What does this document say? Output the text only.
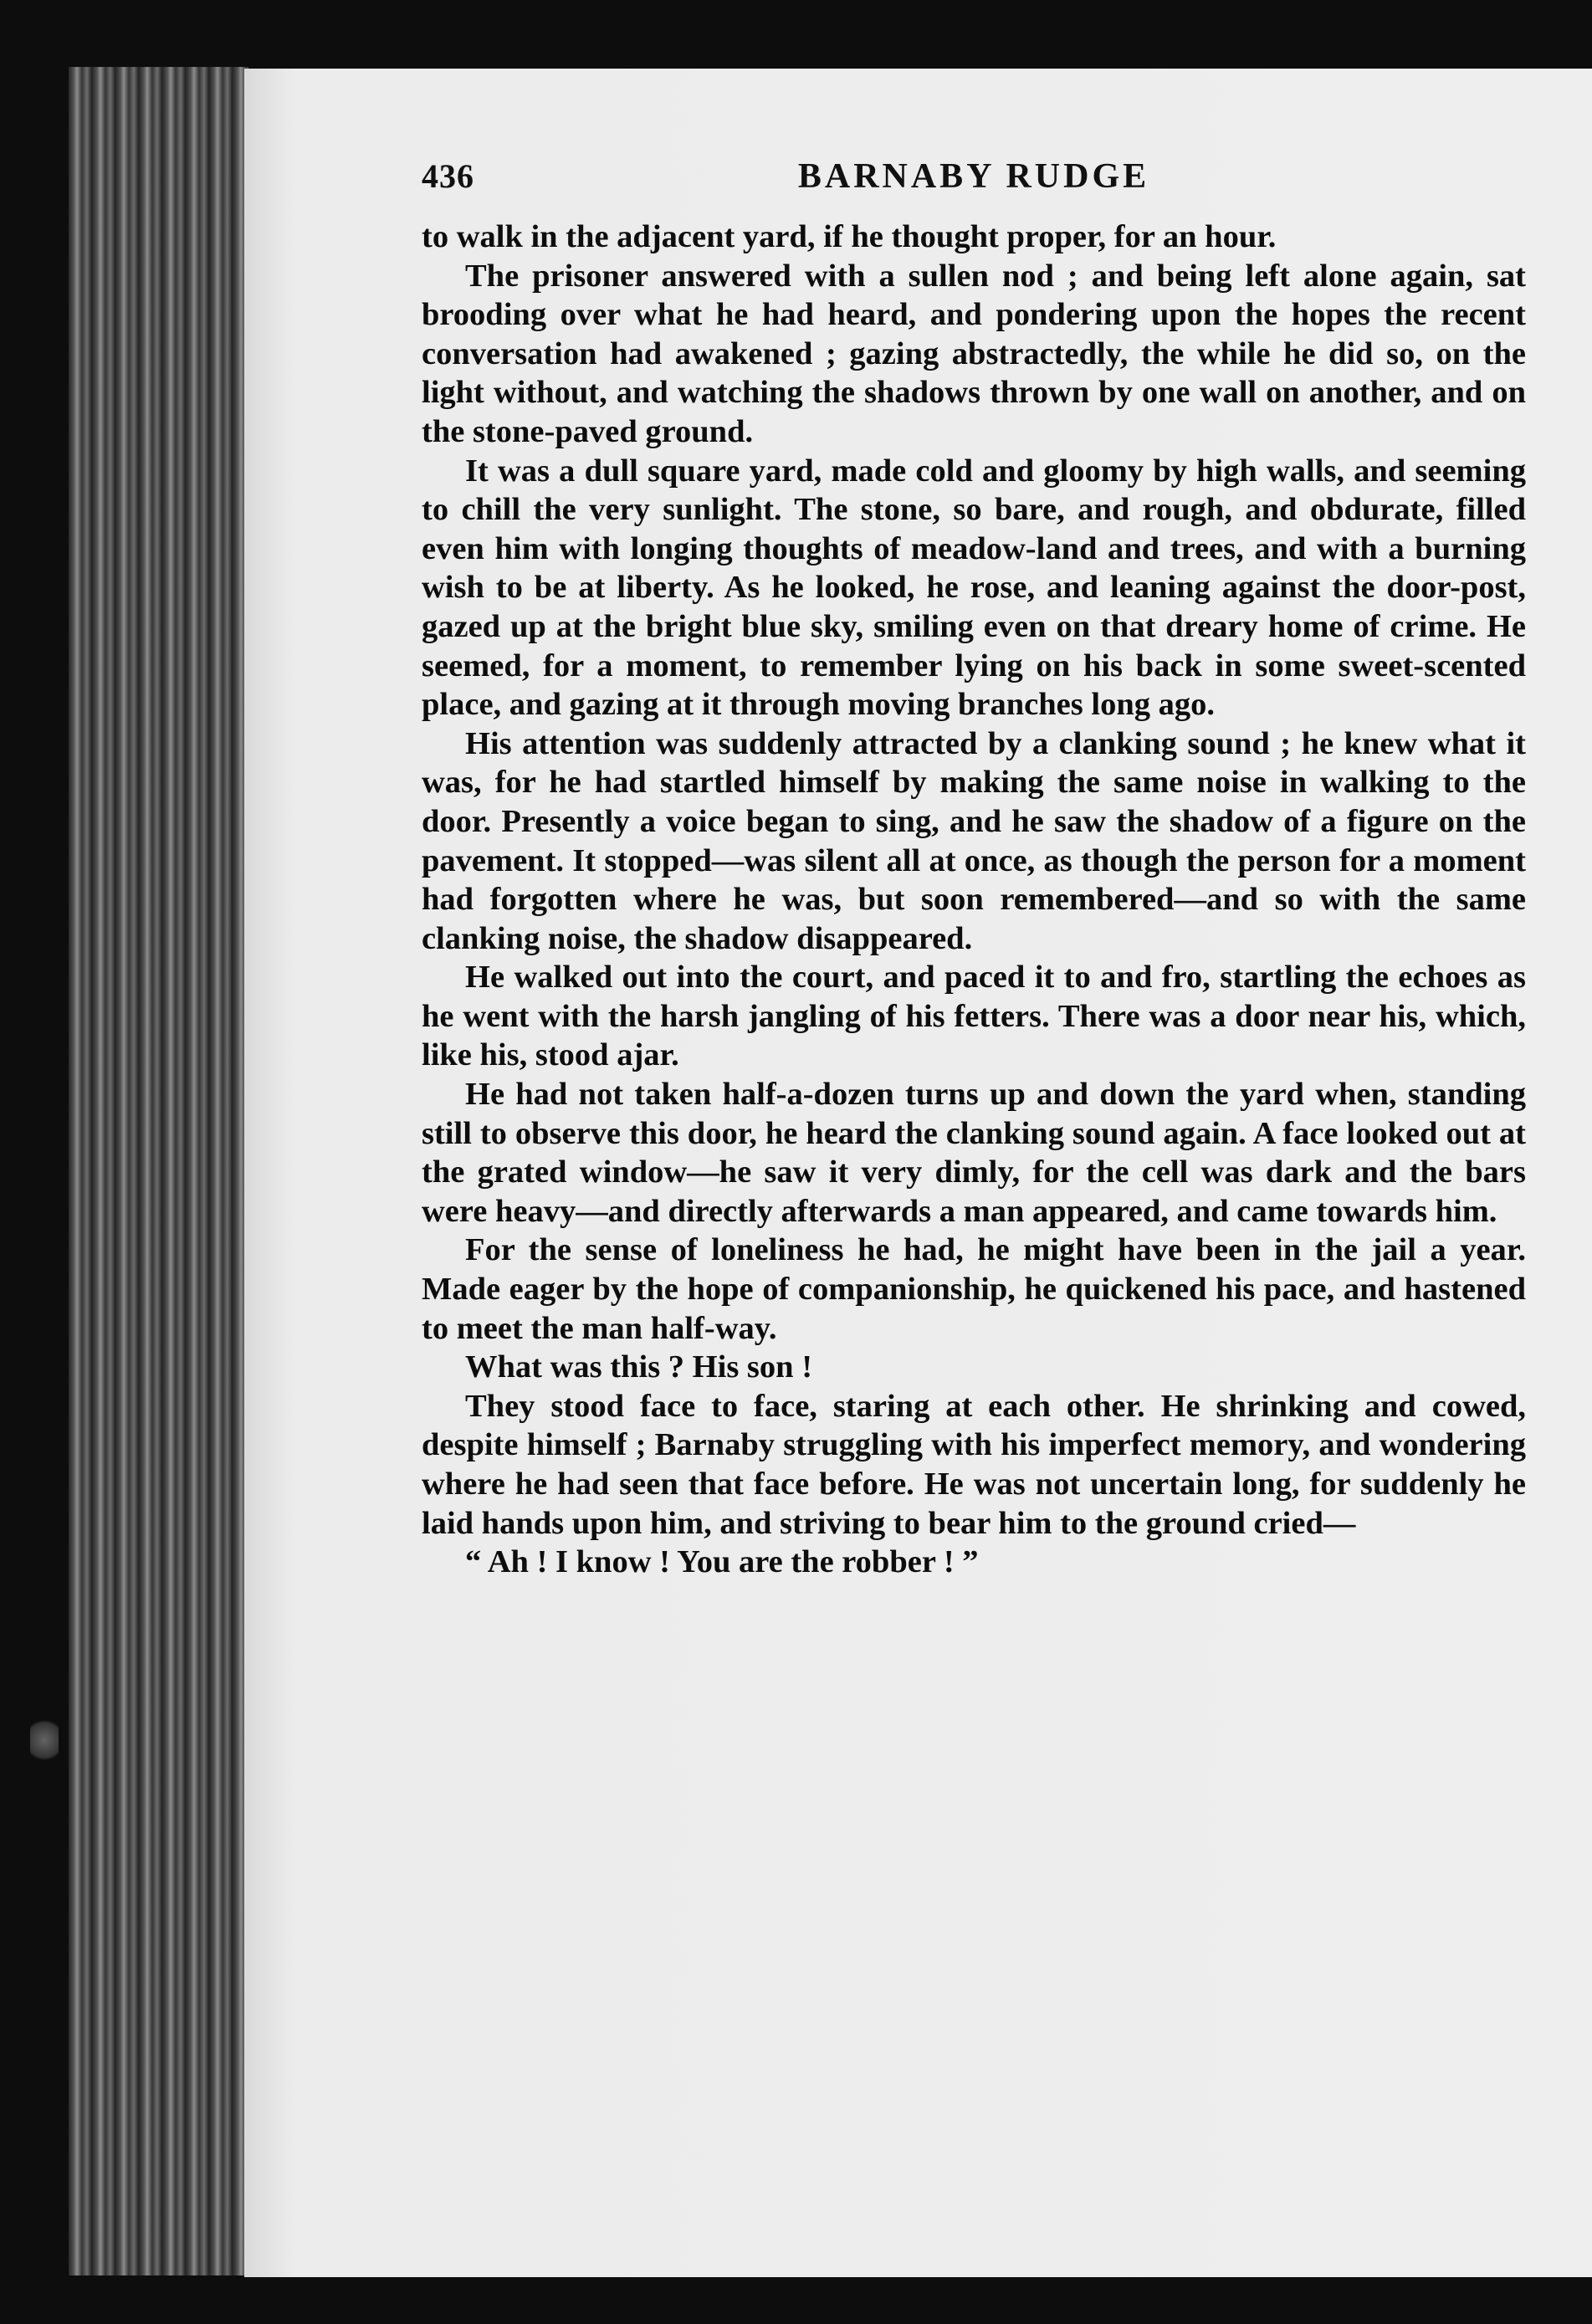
436	BARNABY RUDGE

to walk in the adjacent yard, if he thought proper, for an hour.

The prisoner answered with a sullen nod ; and being left alone again, sat brooding over what he had heard, and pondering upon the hopes the recent conversation had awakened ; gazing abstractedly, the while he did so, on the light without, and watching the shadows thrown by one wall on another, and on the stone-paved ground.

It was a dull square yard, made cold and gloomy by high walls, and seeming to chill the very sunlight. The stone, so bare, and rough, and obdurate, filled even him with longing thoughts of meadow-land and trees, and with a burning wish to be at liberty. As he looked, he rose, and leaning against the door-post, gazed up at the bright blue sky, smiling even on that dreary home of crime. He seemed, for a moment, to remember lying on his back in some sweet-scented place, and gazing at it through moving branches long ago.

His attention was suddenly attracted by a clanking sound ; he knew what it was, for he had startled himself by making the same noise in walking to the door. Presently a voice began to sing, and he saw the shadow of a figure on the pavement. It stopped—was silent all at once, as though the person for a moment had forgotten where he was, but soon remembered—and so with the same clanking noise, the shadow disappeared.

He walked out into the court, and paced it to and fro, startling the echoes as he went with the harsh jangling of his fetters. There was a door near his, which, like his, stood ajar.

He had not taken half-a-dozen turns up and down the yard when, standing still to observe this door, he heard the clanking sound again. A face looked out at the grated window—he saw it very dimly, for the cell was dark and the bars were heavy—and directly afterwards a man appeared, and came towards him.

For the sense of loneliness he had, he might have been in the jail a year. Made eager by the hope of companionship, he quickened his pace, and hastened to meet the man half-way.

What was this ? His son !

They stood face to face, staring at each other. He shrinking and cowed, despite himself ; Barnaby struggling with his imperfect memory, and wondering where he had seen that face before. He was not uncertain long, for suddenly he laid hands upon him, and striving to bear him to the ground cried—

“ Ah ! I know ! You are the robber ! ”
